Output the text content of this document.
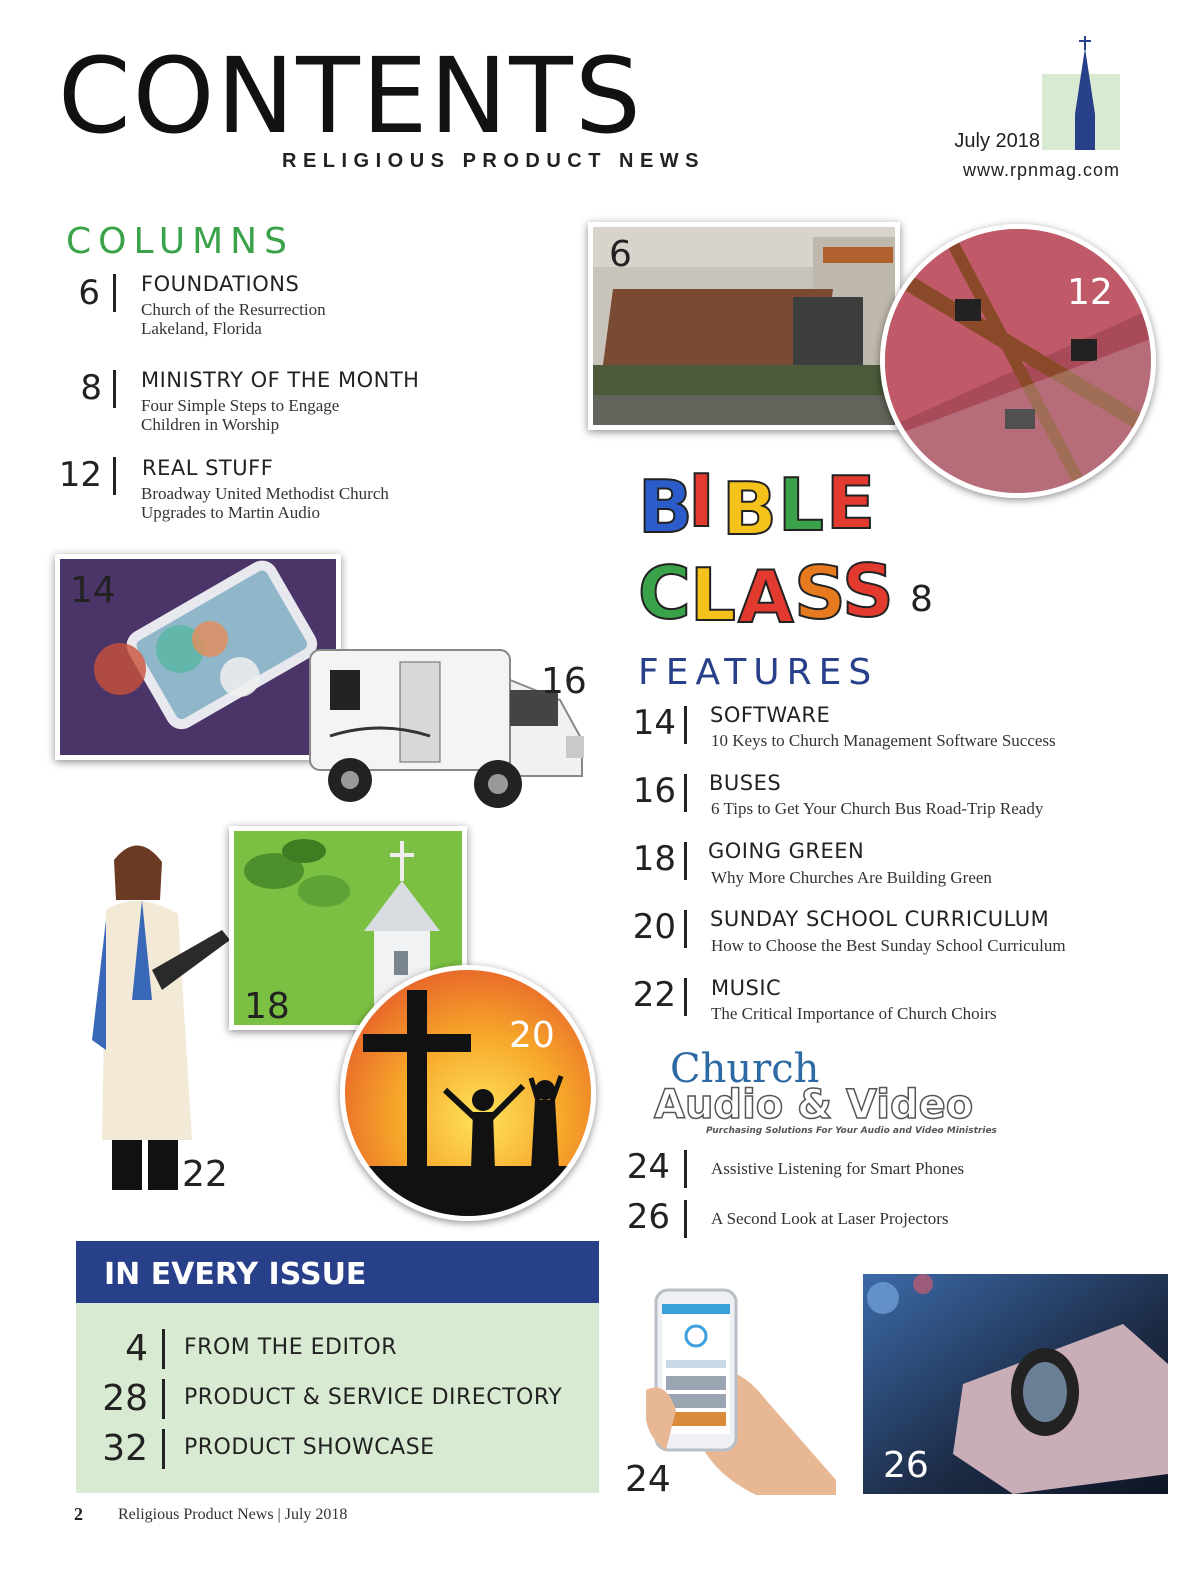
CONTENTS
RELIGIOUS PRODUCT NEWS
July 2018
www.rpnmag.com
COLUMNS
6 FOUNDATIONS
Church of the Resurrection
Lakeland, Florida
8 MINISTRY OF THE MONTH
Four Simple Steps to Engage
Children in Worship
12 REAL STUFF
Broadway United Methodist Church
Upgrades to Martin Audio
6
12
B
I B L E
C L A S
S 8
14
16 FEATURES
14 SOFTWARE
10 Keys to Church Management Software Success
16 BUSES
6 Tips to Get Your Church Bus Road-Trip Ready
18 GOING GREEN
Why More Churches Are Building Green
20 SUNDAY SCHOOL CURRICULUM
How to Choose the Best Sunday School Curriculum
22 MUSIC
The Critical Importance of Church Choirs
Church
Audio & Video
Purchasing Solutions For Your Audio and Video Ministries
24 Assistive Listening for Smart Phones
26 A Second Look at Laser Projectors
22
18
20
IN EVERY ISSUE
4 FROM THE EDITOR
28 PRODUCT & SERVICE DIRECTORY
32 PRODUCT SHOWCASE
24	26
2 Religious Product News | July 2018
